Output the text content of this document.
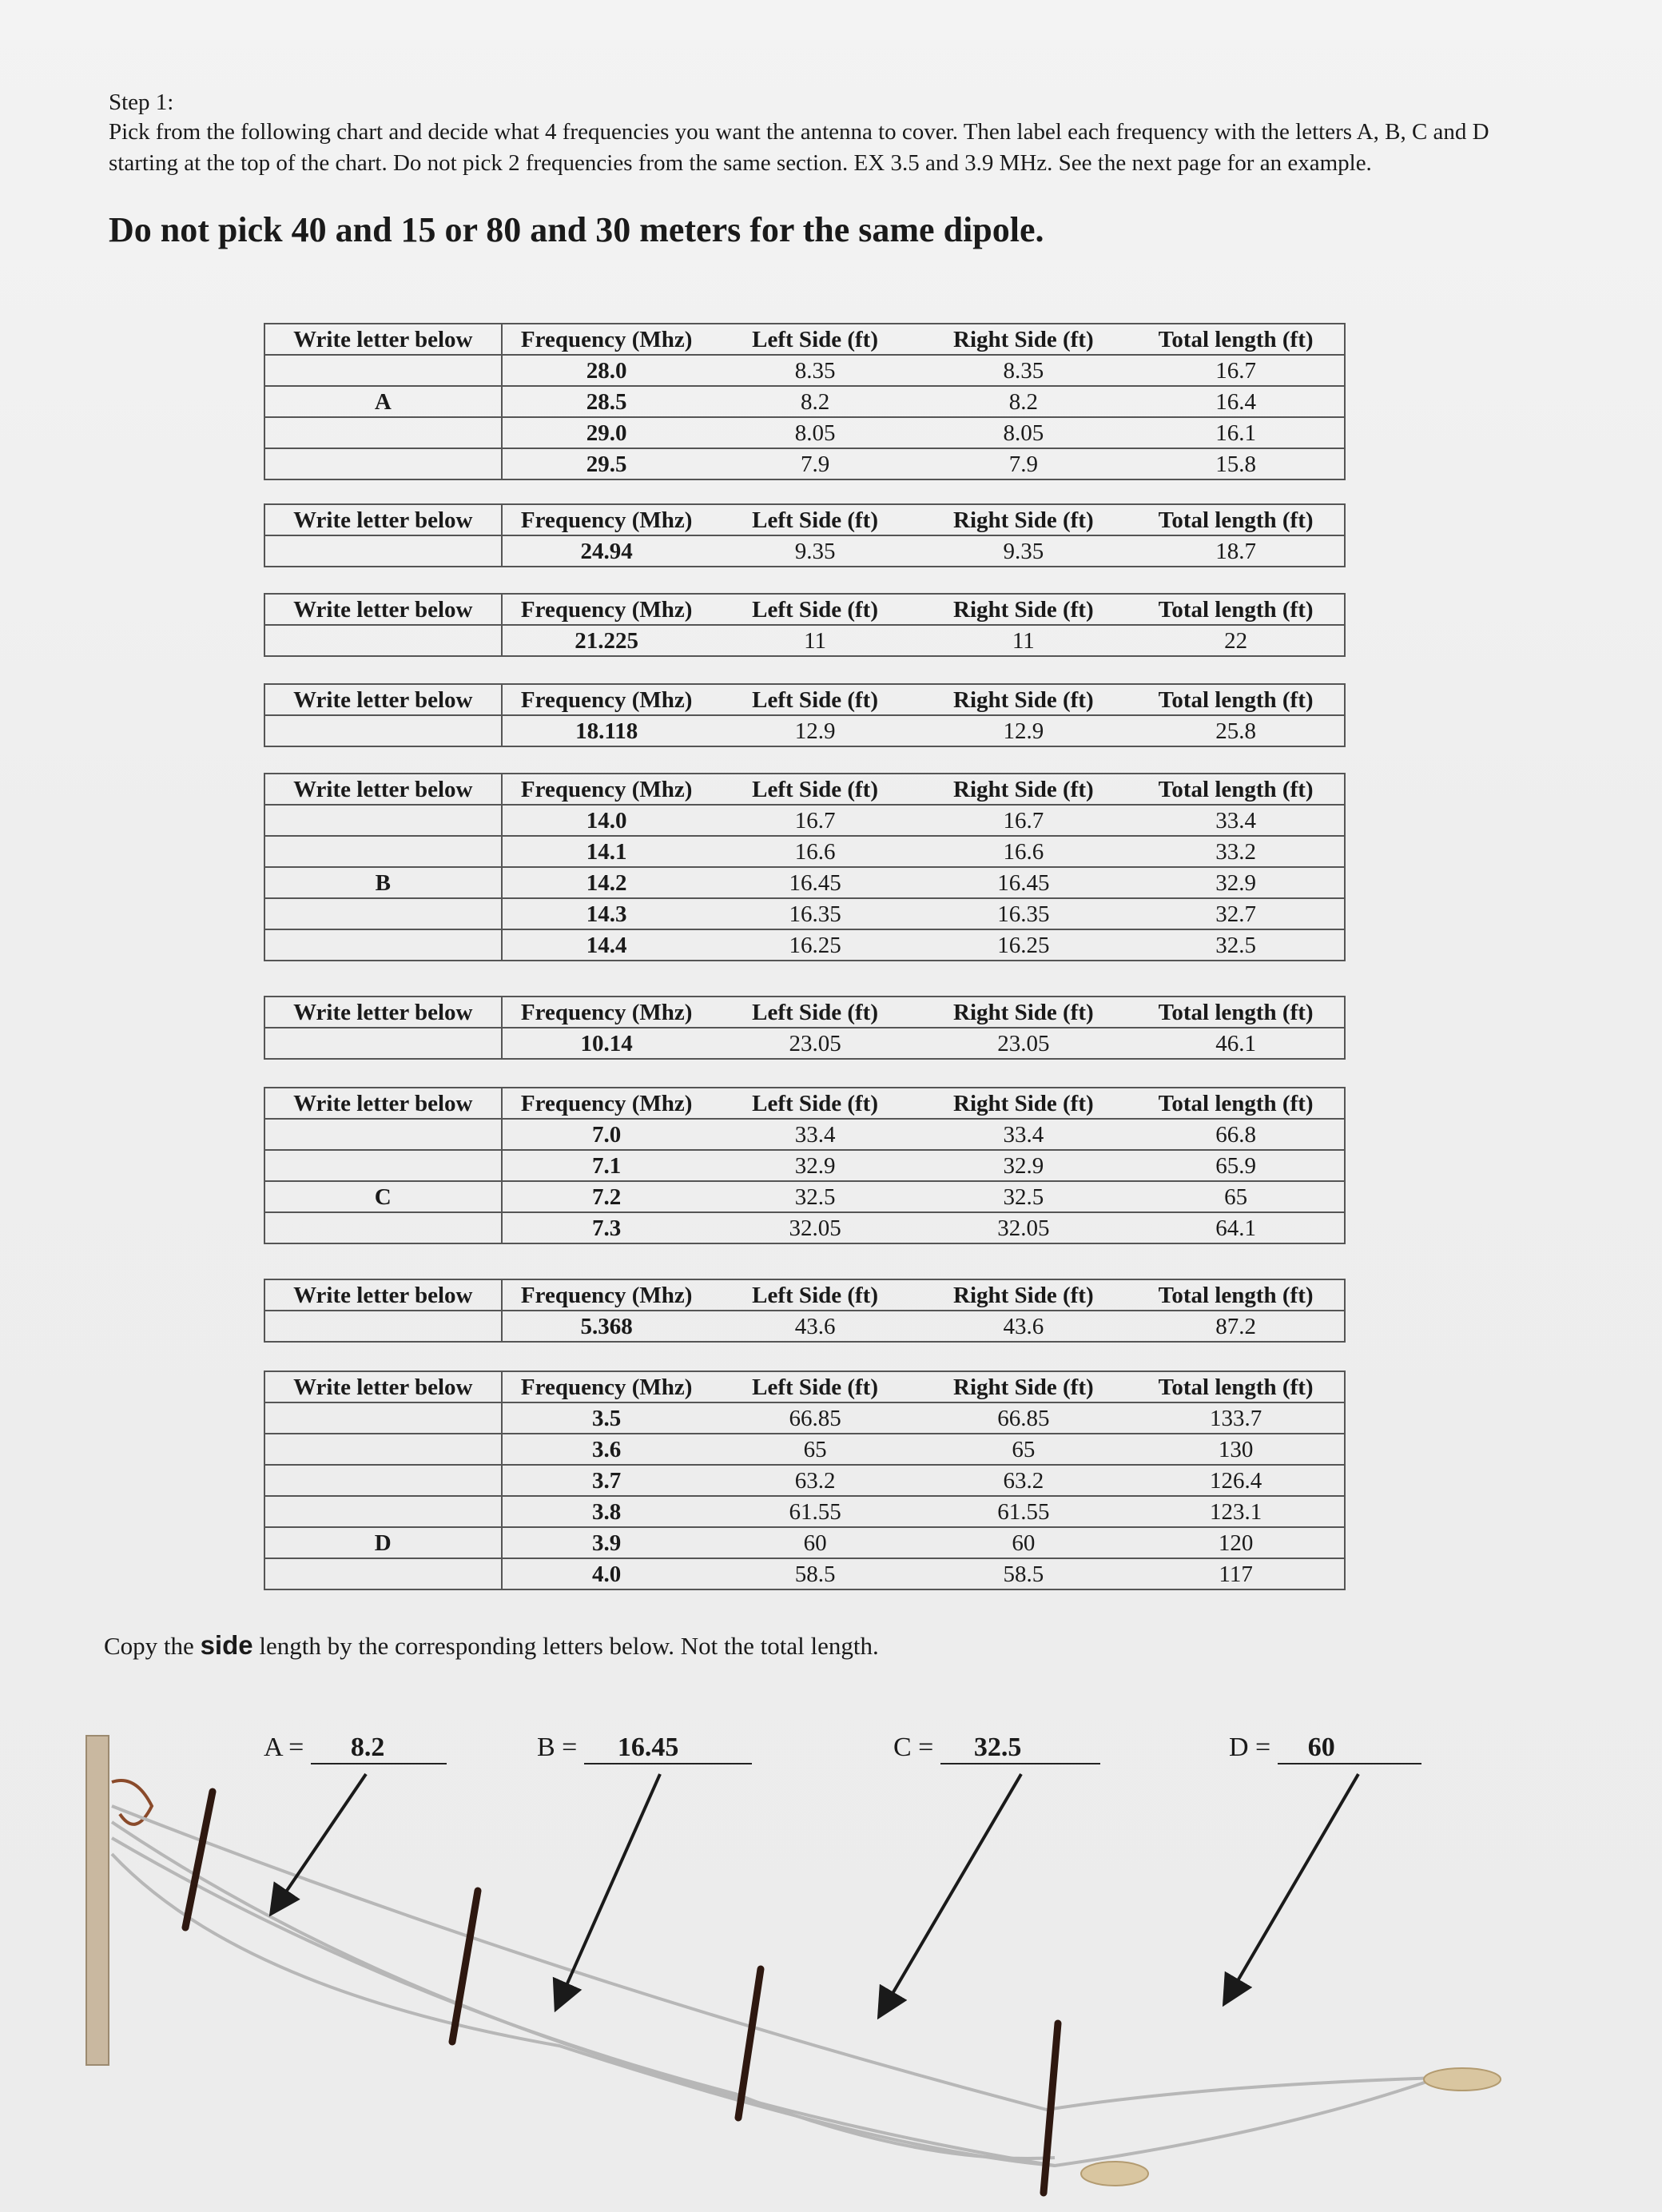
Step 1:
Pick from the following chart and decide what 4 frequencies you want the antenna to cover. Then label each frequency with the letters A, B, C and D starting at the top of the chart. Do not pick 2 frequencies from the same section. EX 3.5 and 3.9 MHz. See the next page for an example.
Do not pick 40 and 15 or 80 and 30 meters for the same dipole.
Write letter below	Frequency (Mhz)	Left Side (ft)	Right Side (ft)	Total length (ft)
	28.0	8.35	8.35	16.7
A	28.5	8.2	8.2	16.4
	29.0	8.05	8.05	16.1
	29.5	7.9	7.9	15.8
Write letter below	Frequency (Mhz)	Left Side (ft)	Right Side (ft)	Total length (ft)
	24.94	9.35	9.35	18.7
Write letter below	Frequency (Mhz)	Left Side (ft)	Right Side (ft)	Total length (ft)
	21.225	11	11	22
Write letter below	Frequency (Mhz)	Left Side (ft)	Right Side (ft)	Total length (ft)
	18.118	12.9	12.9	25.8
Write letter below	Frequency (Mhz)	Left Side (ft)	Right Side (ft)	Total length (ft)
	14.0	16.7	16.7	33.4
	14.1	16.6	16.6	33.2
B	14.2	16.45	16.45	32.9
	14.3	16.35	16.35	32.7
	14.4	16.25	16.25	32.5
Write letter below	Frequency (Mhz)	Left Side (ft)	Right Side (ft)	Total length (ft)
	10.14	23.05	23.05	46.1
Write letter below	Frequency (Mhz)	Left Side (ft)	Right Side (ft)	Total length (ft)
	7.0	33.4	33.4	66.8
	7.1	32.9	32.9	65.9
C	7.2	32.5	32.5	65
	7.3	32.05	32.05	64.1
Write letter below	Frequency (Mhz)	Left Side (ft)	Right Side (ft)	Total length (ft)
	5.368	43.6	43.6	87.2
Write letter below	Frequency (Mhz)	Left Side (ft)	Right Side (ft)	Total length (ft)
	3.5	66.85	66.85	133.7
	3.6	65	65	130
	3.7	63.2	63.2	126.4
	3.8	61.55	61.55	123.1
D	3.9	60	60	120
	4.0	58.5	58.5	117
Copy the side length by the corresponding letters below. Not the total length.
A = 8.2	B = 16.45	C = 32.5	D = 60
